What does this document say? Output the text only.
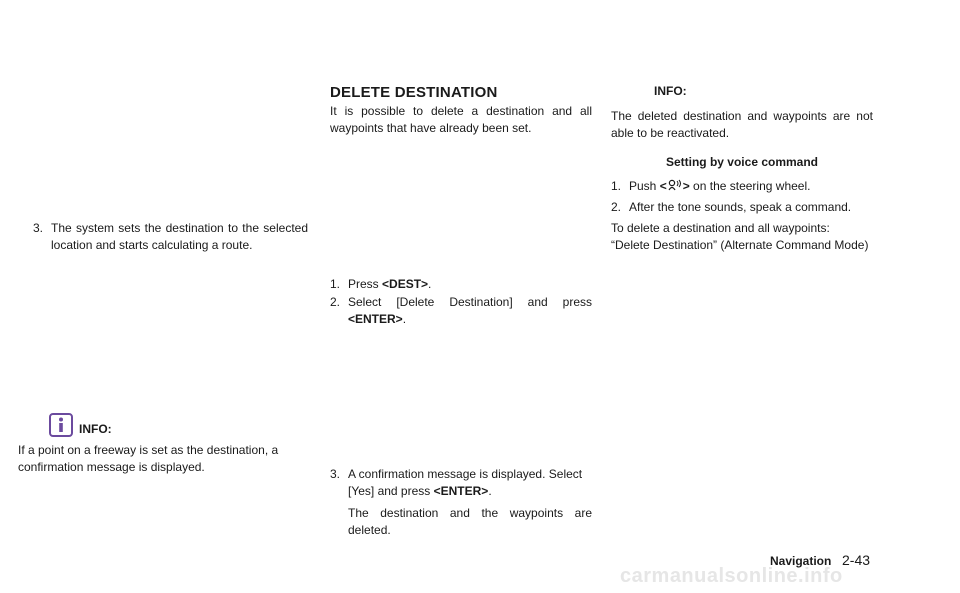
3. The system sets the destination to the selected location and starts calculating a route.
INFO:

If a point on a freeway is set as the destination, a confirmation message is displayed.

DELETE DESTINATION

It is possible to delete a destination and all waypoints that have already been set.

1. Press <DEST>.
2. Select [Delete Destination] and press
<ENTER>.
3. A confirmation message is displayed. Select [Yes] and press <ENTER>.
The destination and the waypoints are deleted.
INFO:

The deleted destination and waypoints are not able to be reactivated.

Setting by voice command
1. Push < > on the steering wheel.
2. After the tone sounds, speak a command.

To delete a destination and all waypoints:

“Delete Destination” (Alternate Command Mode)

Navigation 2-43
carmanualsonline.info
